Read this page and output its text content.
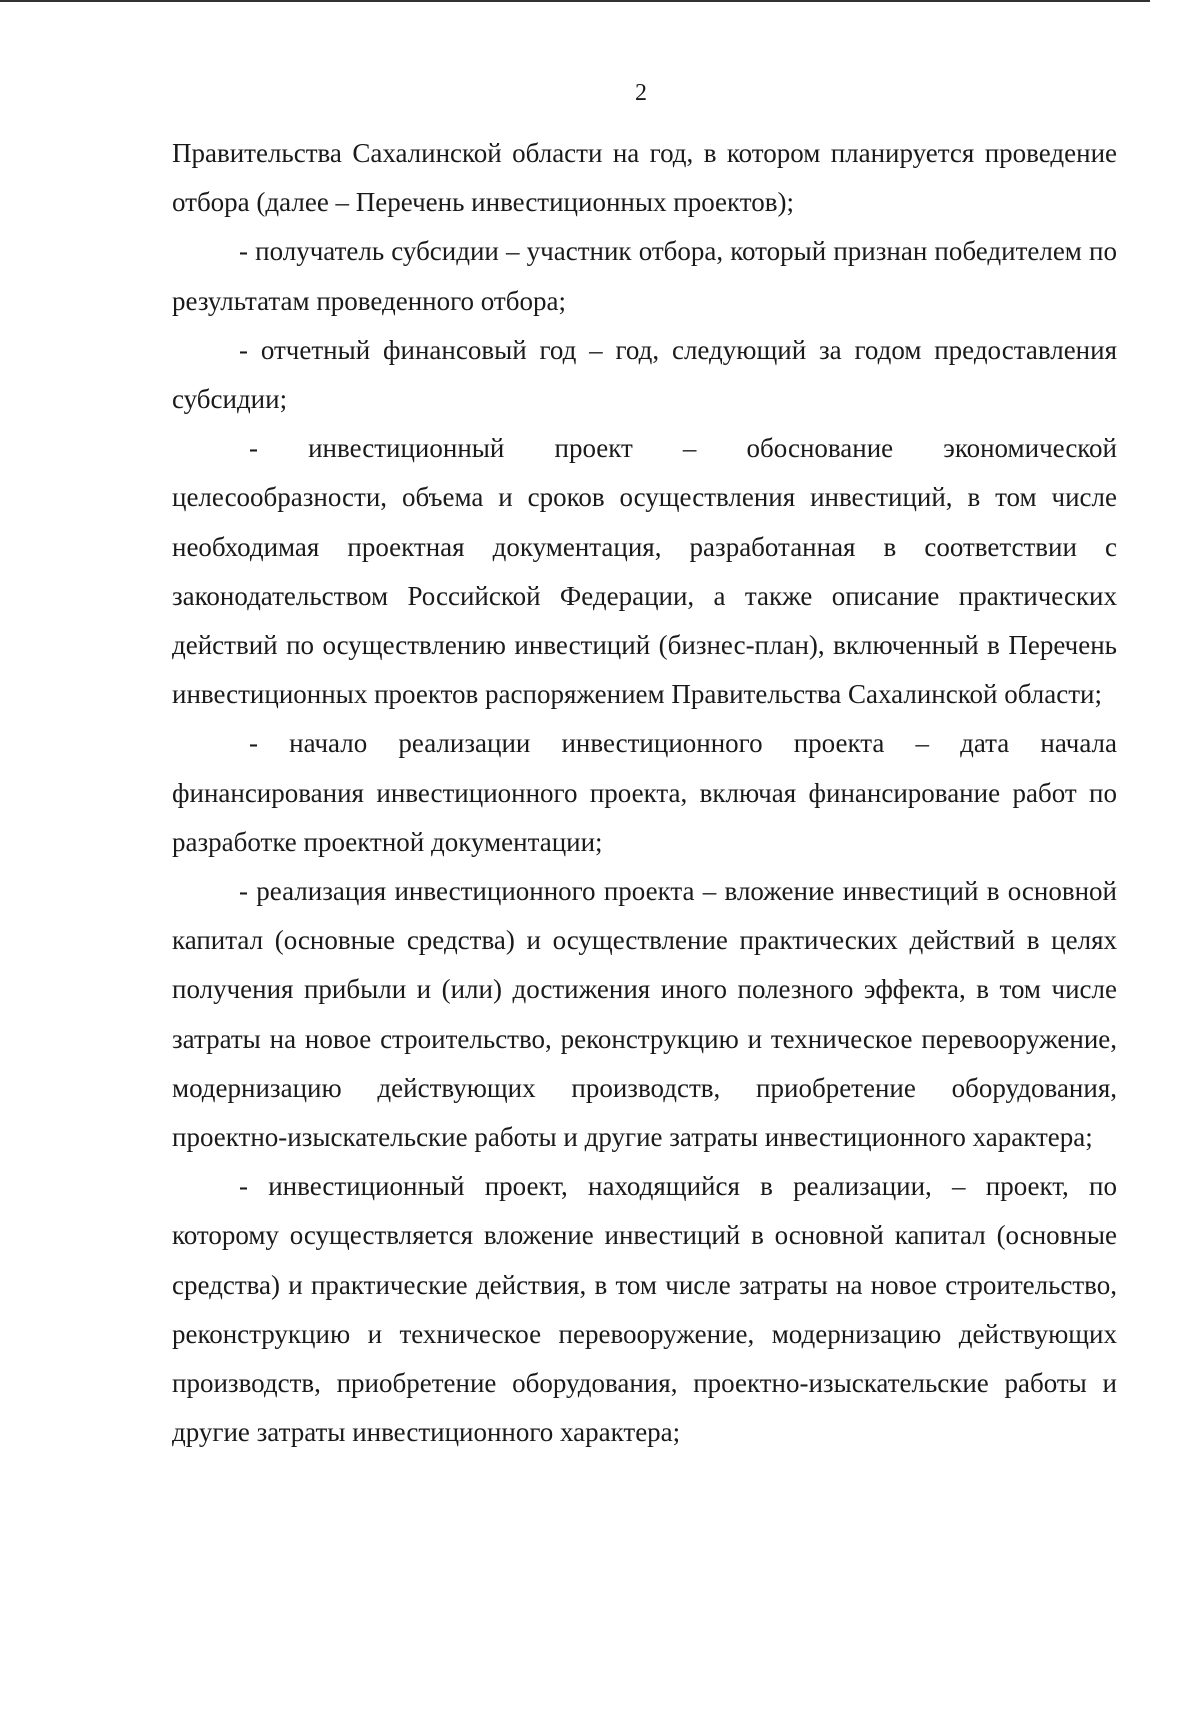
2

Правительства Сахалинской области на год, в котором планируется проведение отбора (далее – Перечень инвестиционных проектов);

- получатель субсидии – участник отбора, который признан победителем по результатам проведенного отбора;

- отчетный финансовый год – год, следующий за годом предоставления субсидии;

- инвестиционный проект – обоснование экономической целесообразности, объема и сроков осуществления инвестиций, в том числе необходимая проектная документация, разработанная в соответствии с законодательством Российской Федерации, а также описание практических действий по осуществлению инвестиций (бизнес-план), включенный в Перечень инвестиционных проектов распоряжением Правительства Сахалинской области;

- начало реализации инвестиционного проекта – дата начала финансирования инвестиционного проекта, включая финансирование работ по разработке проектной документации;

- реализация инвестиционного проекта – вложение инвестиций в основной капитал (основные средства) и осуществление практических действий в целях получения прибыли и (или) достижения иного полезного эффекта, в том числе затраты на новое строительство, реконструкцию и техническое перевооружение, модернизацию действующих производств, приобретение оборудования, проектно-изыскательские работы и другие затраты инвестиционного характера;

- инвестиционный проект, находящийся в реализации, – проект, по которому осуществляется вложение инвестиций в основной капитал (основные средства) и практические действия, в том числе затраты на новое строительство, реконструкцию и техническое перевооружение, модернизацию действующих производств, приобретение оборудования, проектно-изыскательские работы и другие затраты инвестиционного характера;
